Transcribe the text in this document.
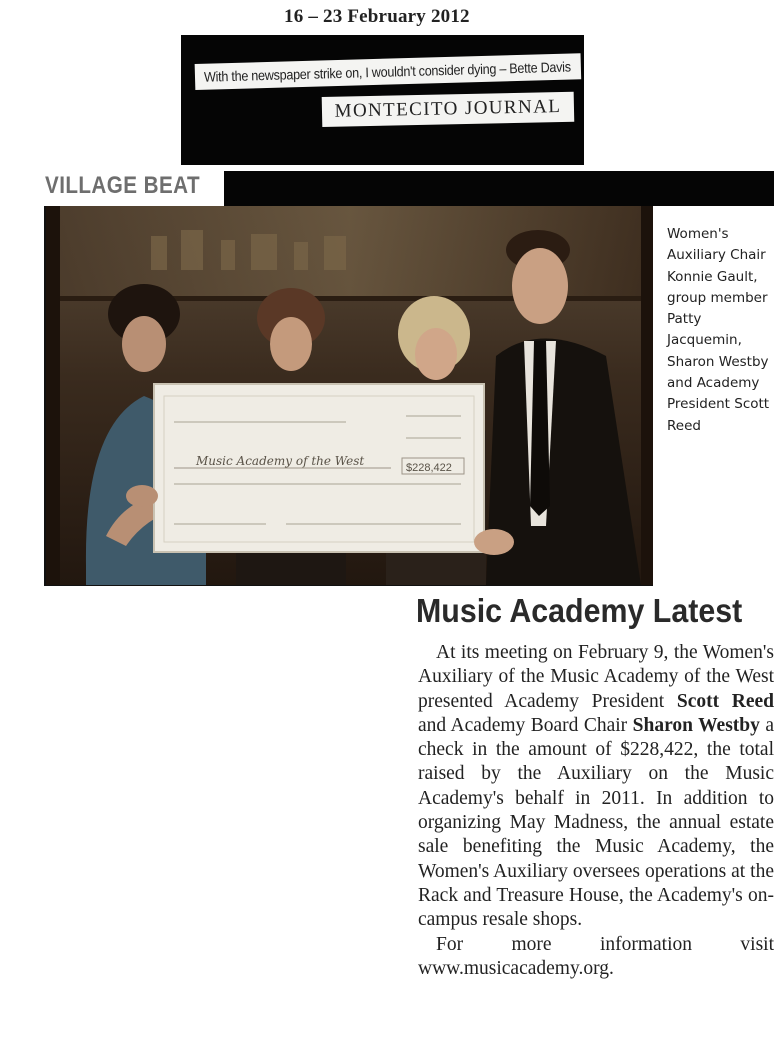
16 – 23 February 2012
With the newspaper strike on, I wouldn't consider dying – Bette Davis
MONTECITO JOURNAL
VILLAGE BEAT
Music Academy of the West	$228,422
Women's Auxiliary Chair Konnie Gault, group member Patty Jacquemin, Sharon Westby and Academy President Scott Reed
Music Academy Latest

At its meeting on February 9, the Women's Auxiliary of the Music Academy of the West presented Academy President Scott Reed and Academy Board Chair Sharon Westby a check in the amount of $228,422, the total raised by the Auxiliary on the Music Academy's behalf in 2011. In addition to organizing May Madness, the annual estate sale benefiting the Music Academy, the Women's Auxiliary oversees operations at the Rack and Treasure House, the Academy's on-campus resale shops.

For more information visit www.musicacademy.org.
